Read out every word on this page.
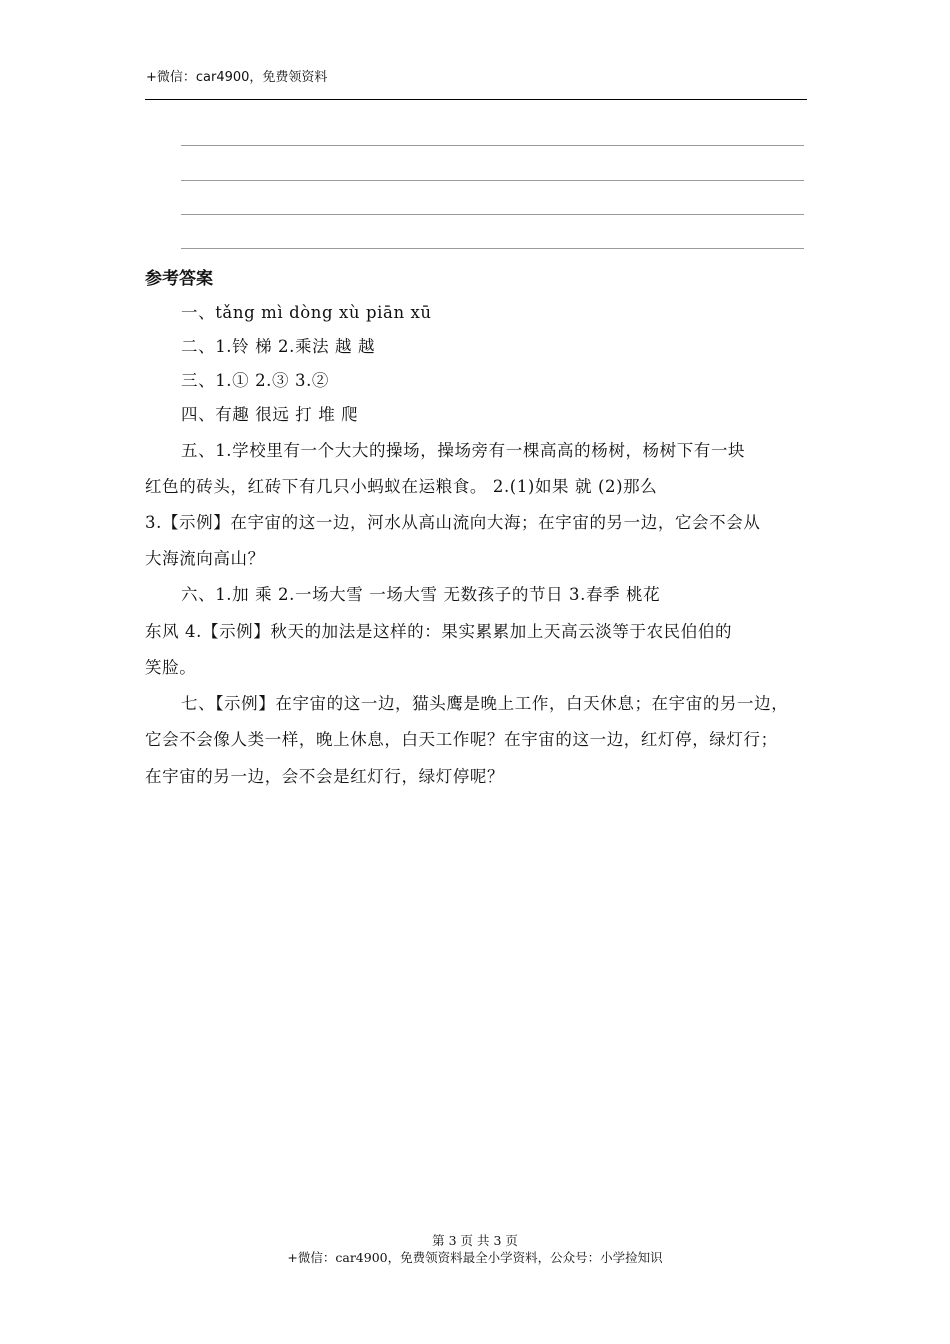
+微信：car4900，免费领资料
参考答案
一、tǎng mì dòng xù piān xū
二、1.铃 梯 2.乘法 越 越
三、1.① 2.③ 3.②
四、有趣 很远 打 堆 爬
五、1.学校里有一个大大的操场，操场旁有一棵高高的杨树，杨树下有一块
红色的砖头，红砖下有几只小蚂蚁在运粮食。 2.(1)如果 就 (2)那么
3.【示例】在宇宙的这一边，河水从高山流向大海；在宇宙的另一边，它会不会从
大海流向高山？
六、1.加 乘 2.一场大雪 一场大雪 无数孩子的节日 3.春季 桃花
东风 4.【示例】秋天的加法是这样的：果实累累加上天高云淡等于农民伯伯的
笑脸。
七、【示例】在宇宙的这一边，猫头鹰是晚上工作，白天休息；在宇宙的另一边，
它会不会像人类一样，晚上休息，白天工作呢？在宇宙的这一边，红灯停，绿灯行；
在宇宙的另一边，会不会是红灯行，绿灯停呢？
第 3 页 共 3 页
+微信：car4900，免费领资料最全小学资料，公众号：小学捡知识
